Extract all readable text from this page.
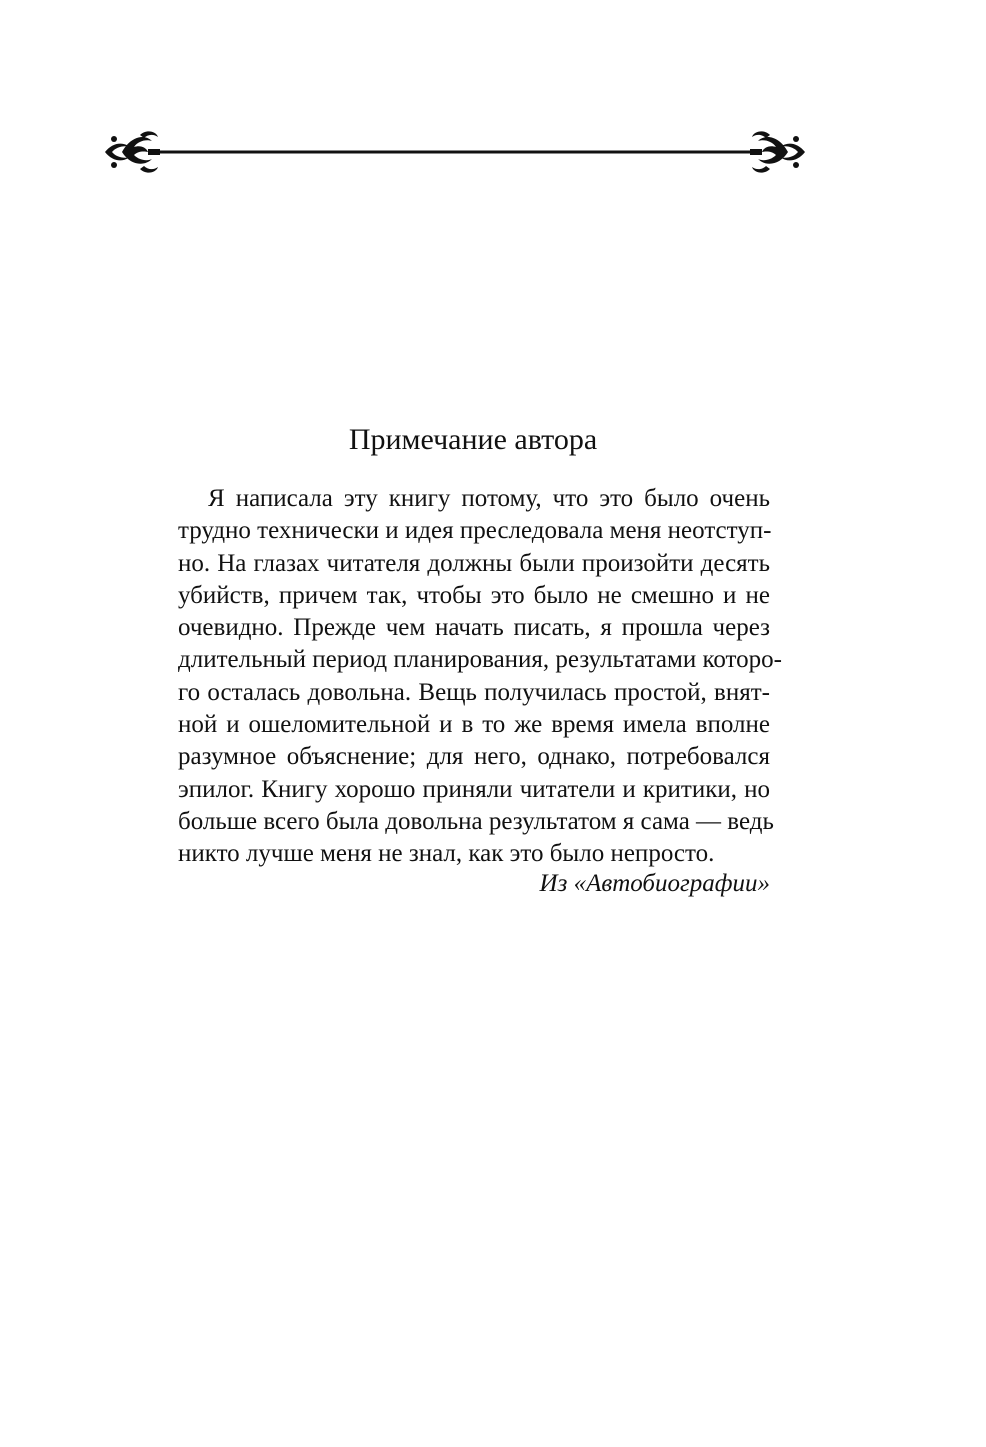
Примечание автора

Я написала эту книгу потому, что это было очень
трудно технически и идея преследовала меня неотступ-
но. На глазах читателя должны были произойти десять
убийств, причем так, чтобы это было не смешно и не
очевидно. Прежде чем начать писать, я прошла через
длительный период планирования, результатами которо-
го осталась довольна. Вещь получилась простой, внят-
ной и ошеломительной и в то же время имела вполне
разумное объяснение; для него, однако, потребовался
эпилог. Книгу хорошо приняли читатели и критики, но
больше всего была довольна результатом я сама — ведь
никто лучше меня не знал, как это было непросто.

Из «Автобиографии»
